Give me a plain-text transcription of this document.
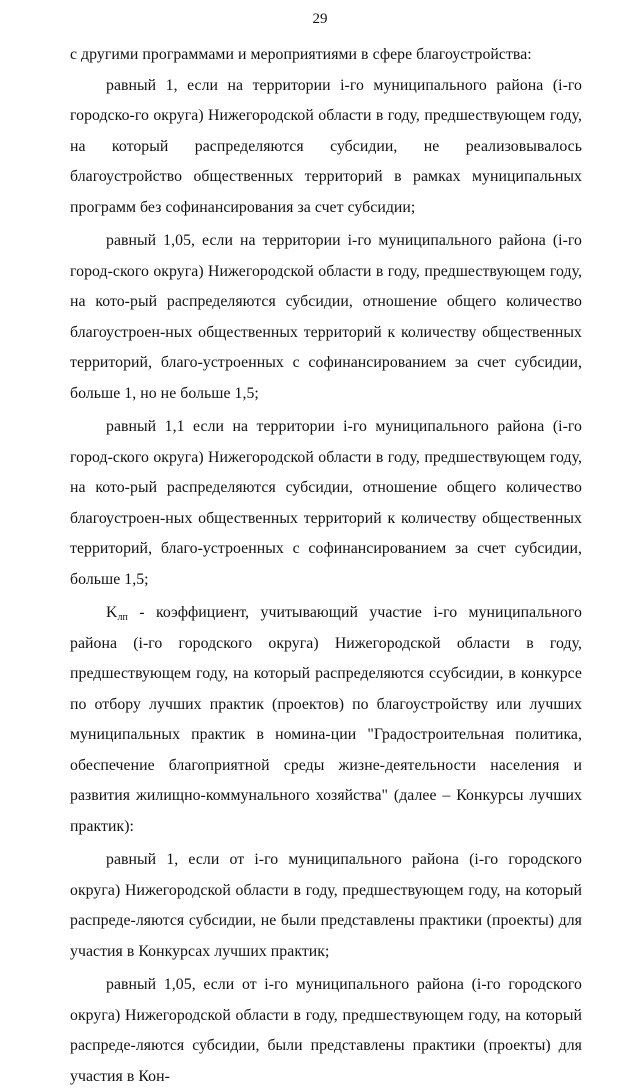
29

с другими программами и мероприятиями в сфере благоустройства:

равный 1, если на территории i-го муниципального района (i-го городско-го округа) Нижегородской области в году, предшествующем году, на который распределяются субсидии, не реализовывалось благоустройство общественных территорий в рамках муниципальных программ без софинансирования за счет субсидии;

равный 1,05, если на территории i-го муниципального района (i-го город-ского округа) Нижегородской области в году, предшествующем году, на кото-рый распределяются субсидии, отношение общего количество благоустроен-ных общественных территорий к количеству общественных территорий, благо-устроенных с софинансированием за счет субсидии, больше 1, но не больше 1,5;

равный 1,1 если на территории i-го муниципального района (i-го город-ского округа) Нижегородской области в году, предшествующем году, на кото-рый распределяются субсидии, отношение общего количество благоустроен-ных общественных территорий к количеству общественных территорий, благо-устроенных с софинансированием за счет субсидии, больше 1,5;

$K_{лп}$ - коэффициент, учитывающий участие i-го муниципального района (i-го городского округа) Нижегородской области в году, предшествующем году, на который распределяются ссубсидии, в конкурсе по отбору лучших практик (проектов) по благоустройству или лучших муниципальных практик в номина-ции "Градостроительная политика, обеспечение благоприятной среды жизне-деятельности населения и развития жилищно-коммунального хозяйства" (далее – Конкурсы лучших практик):

равный 1, если от i-го муниципального района (i-го городского округа) Нижегородской области в году, предшествующем году, на который распреде-ляются субсидии, не были представлены практики (проекты) для участия в Конкурсах лучших практик;

равный 1,05, если от i-го муниципального района (i-го городского округа) Нижегородской области в году, предшествующем году, на который распреде-ляются субсидии, были представлены практики (проекты) для участия в Кон-
